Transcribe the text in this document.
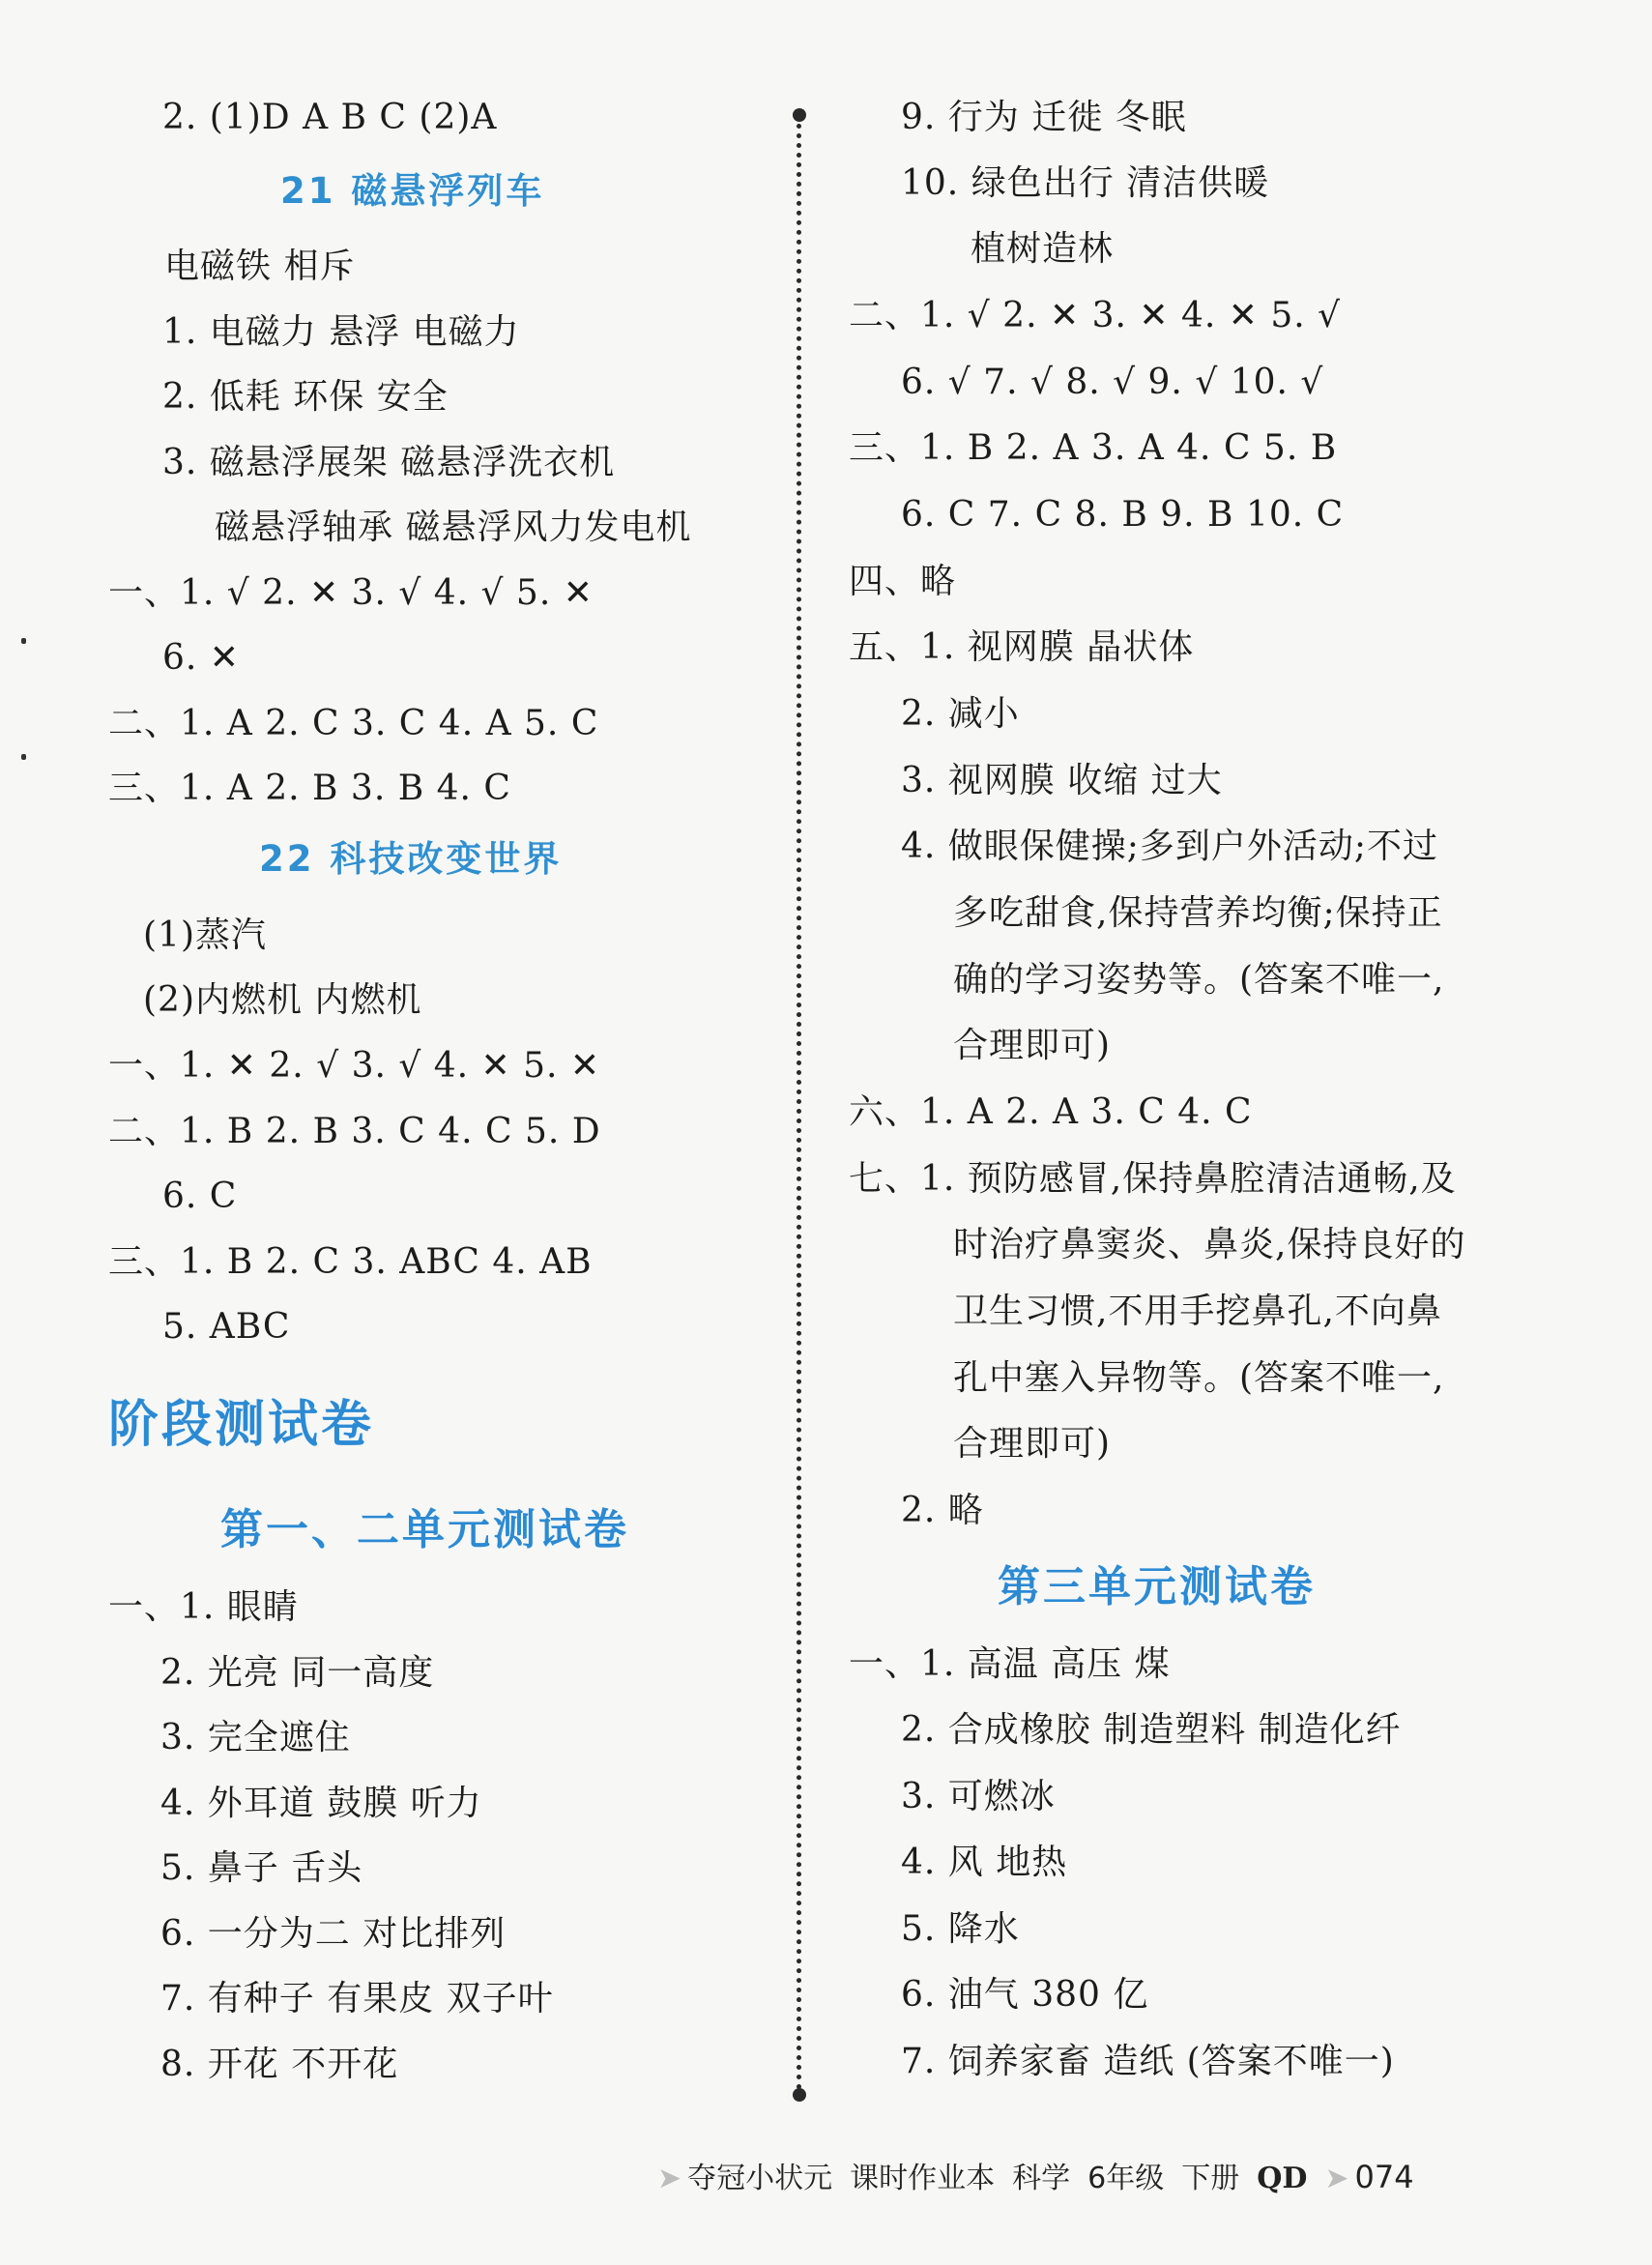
2. (1)D A B C (2)A
21 磁悬浮列车
电磁铁 相斥
1. 电磁力 悬浮 电磁力
2. 低耗 环保 安全
3. 磁悬浮展架 磁悬浮洗衣机
磁悬浮轴承 磁悬浮风力发电机
一、1. √ 2. ✕ 3. √ 4. √ 5. ✕
6. ✕
二、1. A 2. C 3. C 4. A 5. C
三、1. A 2. B 3. B 4. C
22 科技改变世界
(1)蒸汽
(2)内燃机 内燃机
一、1. ✕ 2. √ 3. √ 4. ✕ 5. ✕
二、1. B 2. B 3. C 4. C 5. D
6. C
三、1. B 2. C 3. ABC 4. AB
5. ABC
阶段测试卷
第一、二单元测试卷
一、1. 眼睛
2. 光亮 同一高度
3. 完全遮住
4. 外耳道 鼓膜 听力
5. 鼻子 舌头
6. 一分为二 对比排列
7. 有种子 有果皮 双子叶
8. 开花 不开花
9. 行为 迁徙 冬眠
10. 绿色出行 清洁供暖
植树造林
二、1. √ 2. ✕ 3. ✕ 4. ✕ 5. √
6. √ 7. √ 8. √ 9. √ 10. √
三、1. B 2. A 3. A 4. C 5. B
6. C 7. C 8. B 9. B 10. C
四、略
五、1. 视网膜 晶状体
2. 减小
3. 视网膜 收缩 过大
4. 做眼保健操;多到户外活动;不过
多吃甜食,保持营养均衡;保持正
确的学习姿势等。(答案不唯一,
合理即可)
六、1. A 2. A 3. C 4. C
七、1. 预防感冒,保持鼻腔清洁通畅,及
时治疗鼻窦炎、鼻炎,保持良好的
卫生习惯,不用手挖鼻孔,不向鼻
孔中塞入异物等。(答案不唯一,
合理即可)
2. 略
第三单元测试卷
一、1. 高温 高压 煤
2. 合成橡胶 制造塑料 制造化纤
3. 可燃冰
4. 风 地热
5. 降水
6. 油气 380 亿
7. 饲养家畜 造纸 (答案不唯一)
➤ 夺冠小状元 课时作业本 科学 6年级 下册 QD ➤ 074
